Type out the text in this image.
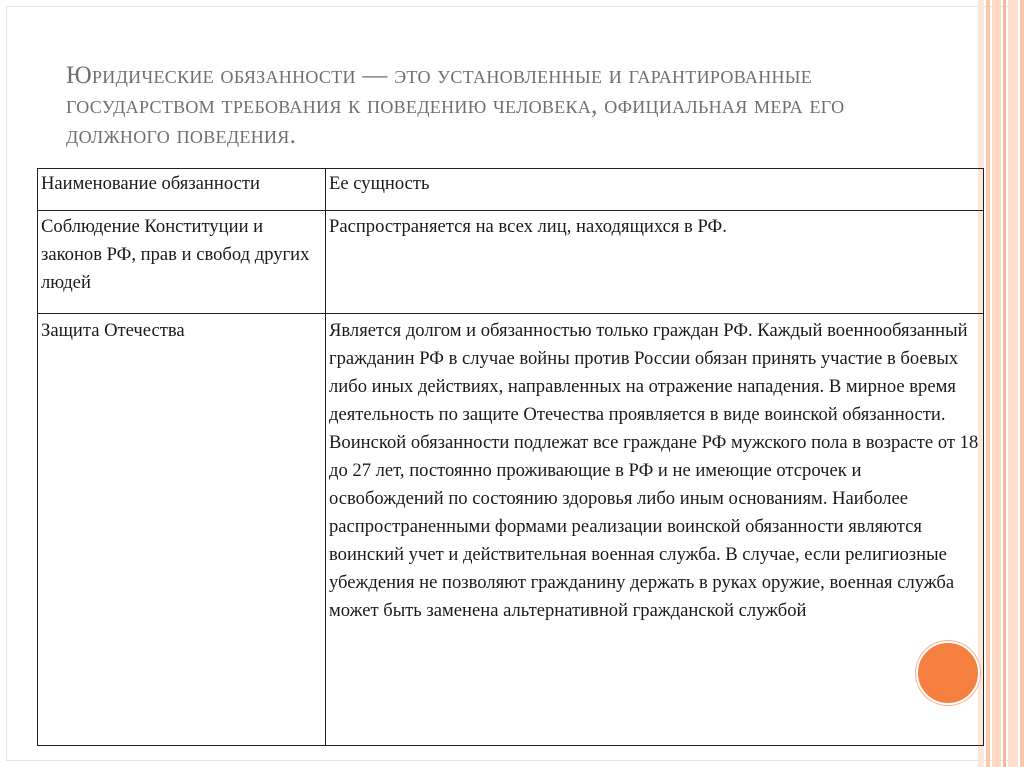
Юридические обязанности — это установленные и гарантированные государством требования к поведению человека, официальная мера его должного поведения.
Наименование обязанности	Ее сущность
Соблюдение Конституции и законов РФ, прав и свобод других людей	Распространяется на всех лиц, находящихся в РФ.
Защита Отечества	Является долгом и обязанностью только граждан РФ. Каждый военнообязанный гражданин РФ в случае войны против России обязан принять участие в боевых либо иных действиях, направленных на отражение нападения. В мирное время деятельность по защите Отечества проявляется в виде воинской обязанности. Воинской обязанности подлежат все граждане РФ мужского пола в возрасте от 18 до 27 лет, постоянно проживающие в РФ и не имеющие отсрочек и освобождений по состоянию здоровья либо иным основаниям. Наиболее распространенными формами реализации воинской обязанности являются воинский учет и действительная военная служба. В случае, если религиозные убеждения не позволяют гражданину держать в руках оружие, военная служба может быть заменена альтернативной гражданской службой
